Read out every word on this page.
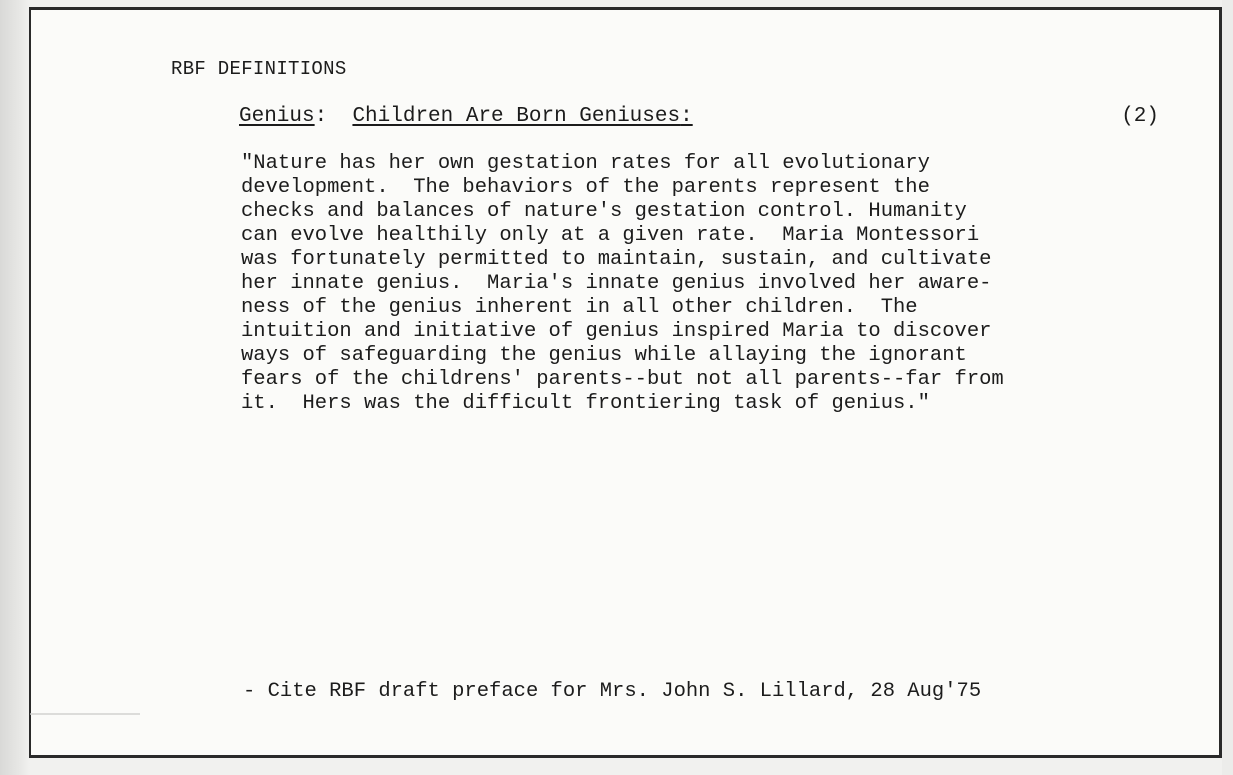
RBF DEFINITIONS
Genius:  Children Are Born Geniuses:	(2)
"Nature has her own gestation rates for all evolutionary
development.  The behaviors of the parents represent the
checks and balances of nature's gestation control. Humanity
can evolve healthily only at a given rate.  Maria Montessori
was fortunately permitted to maintain, sustain, and cultivate
her innate genius.  Maria's innate genius involved her aware-
ness of the genius inherent in all other children.  The
intuition and initiative of genius inspired Maria to discover
ways of safeguarding the genius while allaying the ignorant
fears of the childrens' parents--but not all parents--far from
it.  Hers was the difficult frontiering task of genius."
- Cite RBF draft preface for Mrs. John S. Lillard, 28 Aug'75
